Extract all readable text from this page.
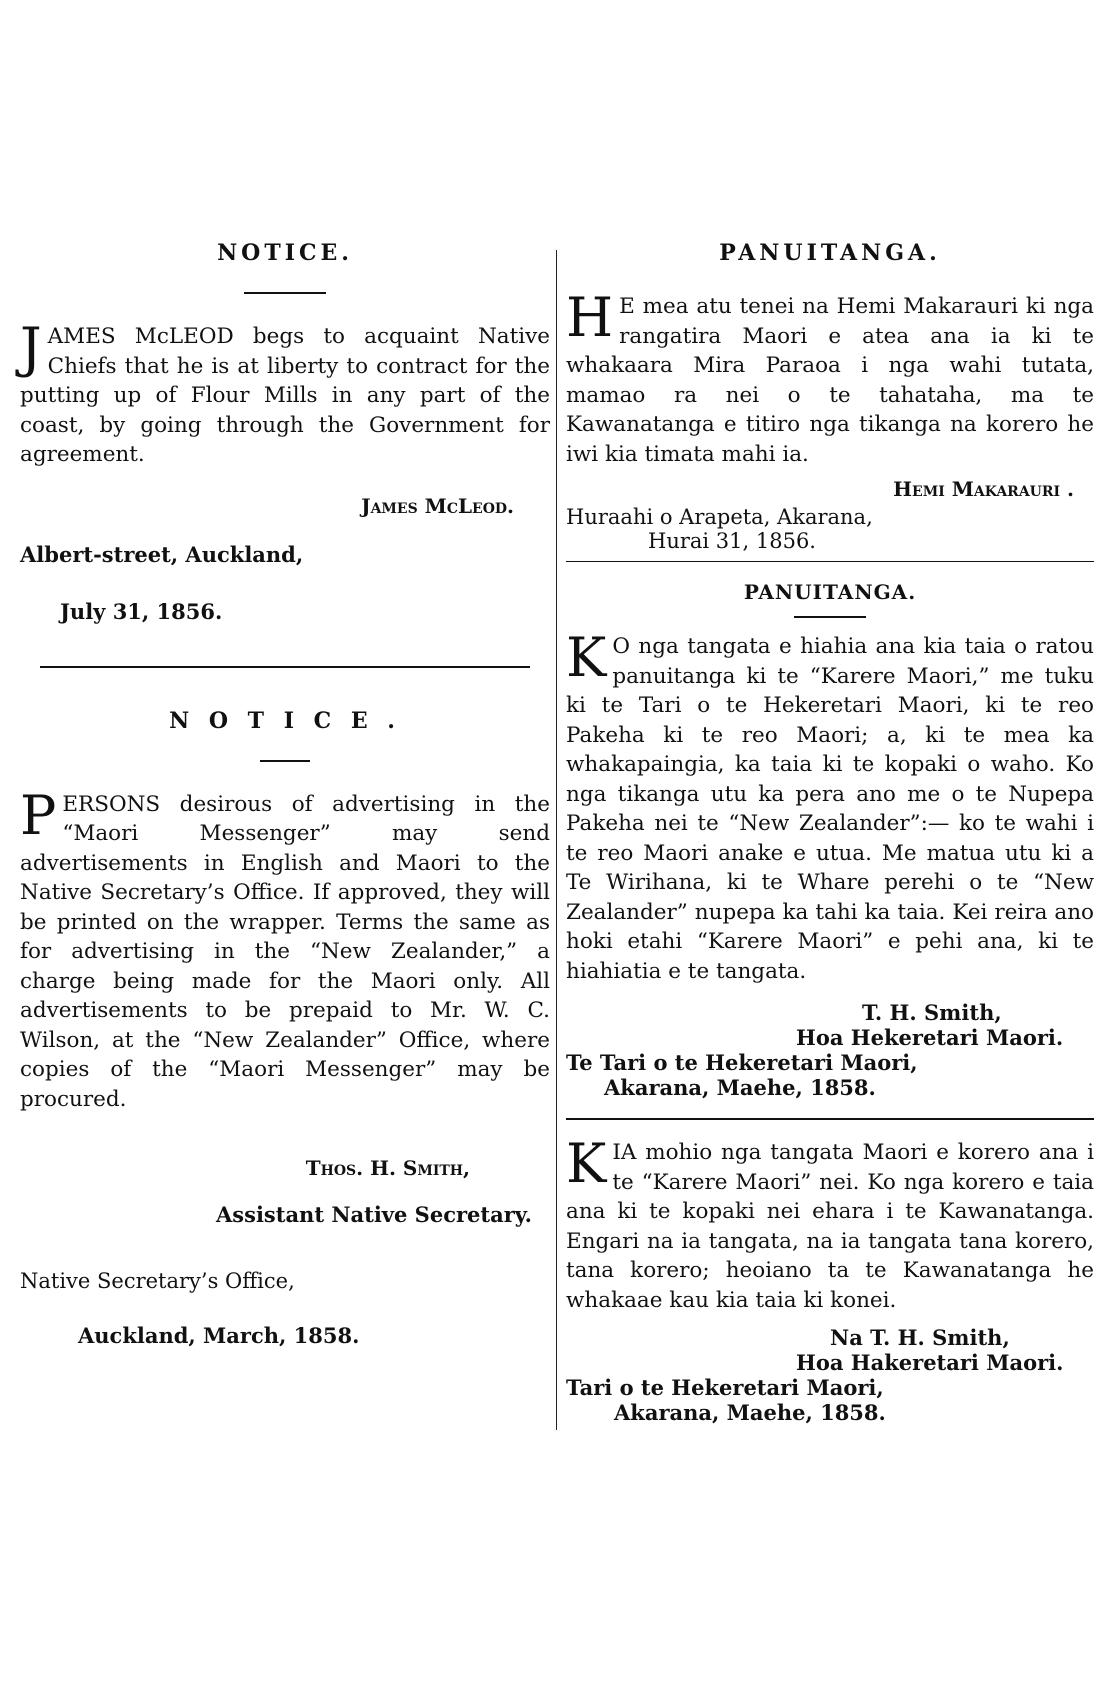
NOTICE.

JAMES McLEOD begs to acquaint Native Chiefs that he is at liberty to contract for the putting up of Flour Mills in any part of the coast, by going through the Government for agreement.

James McLeod.

Albert-street, Auckland,

July 31, 1856.

N O T I C E .

PERSONS desirous of advertising in the “Maori Messenger” may send advertisements in English and Maori to the Native Secretary’s Office. If approved, they will be printed on the wrapper. Terms the same as for advertising in the “New Zealander,” a charge being made for the Maori only. All advertisements to be prepaid to Mr. W. C. Wilson, at the “New Zealander” Office, where copies of the “Maori Messenger” may be procured.

Thos. H. Smith,

Assistant Native Secretary.

Native Secretary’s Office,

Auckland, March, 1858.

PANUITANGA.

H E mea atu tenei na Hemi Makarauri ki nga rangatira Maori e atea ana ia ki te whakaara Mira Paraoa i nga wahi tutata, mamao ra nei o te tahataha, ma te Kawanatanga e titiro nga tikanga na korero he iwi kia timata mahi ia.

Hemi Makarauri .

Huraahi o Arapeta, Akarana,

Hurai 31, 1856.

PANUITANGA.

K O nga tangata e hiahia ana kia taia o ratou panuitanga ki te “Karere Maori,” me tuku ki te Tari o te Hekeretari Maori, ki te reo Pakeha ki te reo Maori; a, ki te mea ka whakapaingia, ka taia ki te kopaki o waho. Ko nga tikanga utu ka pera ano me o te Nupepa Pakeha nei te “New Zealander”:— ko te wahi i te reo Maori anake e utua. Me matua utu ki a Te Wirihana, ki te Whare perehi o te “New Zealander” nupepa ka tahi ka taia. Kei reira ano hoki etahi “Karere Maori” e pehi ana, ki te hiahiatia e te tangata.

T. H. Smith,

Hoa Hekeretari Maori.

Te Tari o te Hekeretari Maori,

Akarana, Maehe, 1858.

KIA mohio nga tangata Maori e korero ana i te “Karere Maori” nei. Ko nga korero e taia ana ki te kopaki nei ehara i te Kawanatanga. Engari na ia tangata, na ia tangata tana korero, tana korero; heoiano ta te Kawanatanga he whakaae kau kia taia ki konei.

Na T. H. Smith,

Hoa Hakeretari Maori.

Tari o te Hekeretari Maori,

Akarana, Maehe, 1858.
